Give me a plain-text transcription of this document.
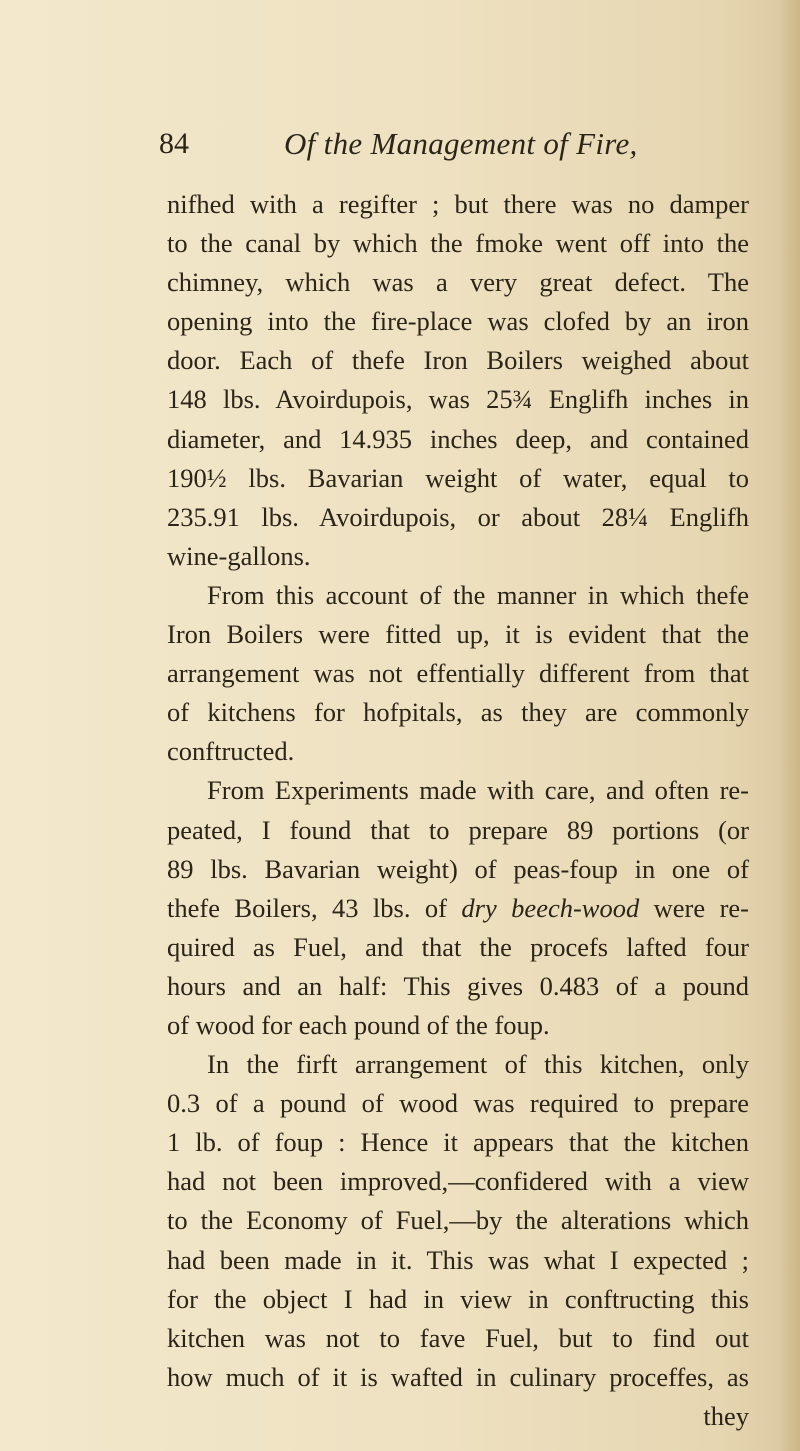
84	Of the Management of Fire,
nifhed with a regifter ; but there was no damper
to the canal by which the fmoke went off into the
chimney, which was a very great defect. The
opening into the fire-place was clofed by an iron
door. Each of thefe Iron Boilers weighed about
148 lbs. Avoirdupois, was 25¾ Englifh inches in
diameter, and 14.935 inches deep, and contained
190½ lbs. Bavarian weight of water, equal to
235.91 lbs. Avoirdupois, or about 28¼ Englifh
wine-gallons.
From this account of the manner in which thefe
Iron Boilers were fitted up, it is evident that the
arrangement was not effentially different from that
of kitchens for hofpitals, as they are commonly
conftructed.
From Experiments made with care, and often re-
peated, I found that to prepare 89 portions (or
89 lbs. Bavarian weight) of peas-foup in one of
thefe Boilers, 43 lbs. of dry beech-wood were re-
quired as Fuel, and that the procefs lafted four
hours and an half: This gives 0.483 of a pound
of wood for each pound of the foup.
In the firft arrangement of this kitchen, only
0.3 of a pound of wood was required to prepare
1 lb. of foup : Hence it appears that the kitchen
had not been improved,—confidered with a view
to the Economy of Fuel,—by the alterations which
had been made in it. This was what I expected ;
for the object I had in view in conftructing this
kitchen was not to fave Fuel, but to find out
how much of it is wafted in culinary proceffes, as
they
